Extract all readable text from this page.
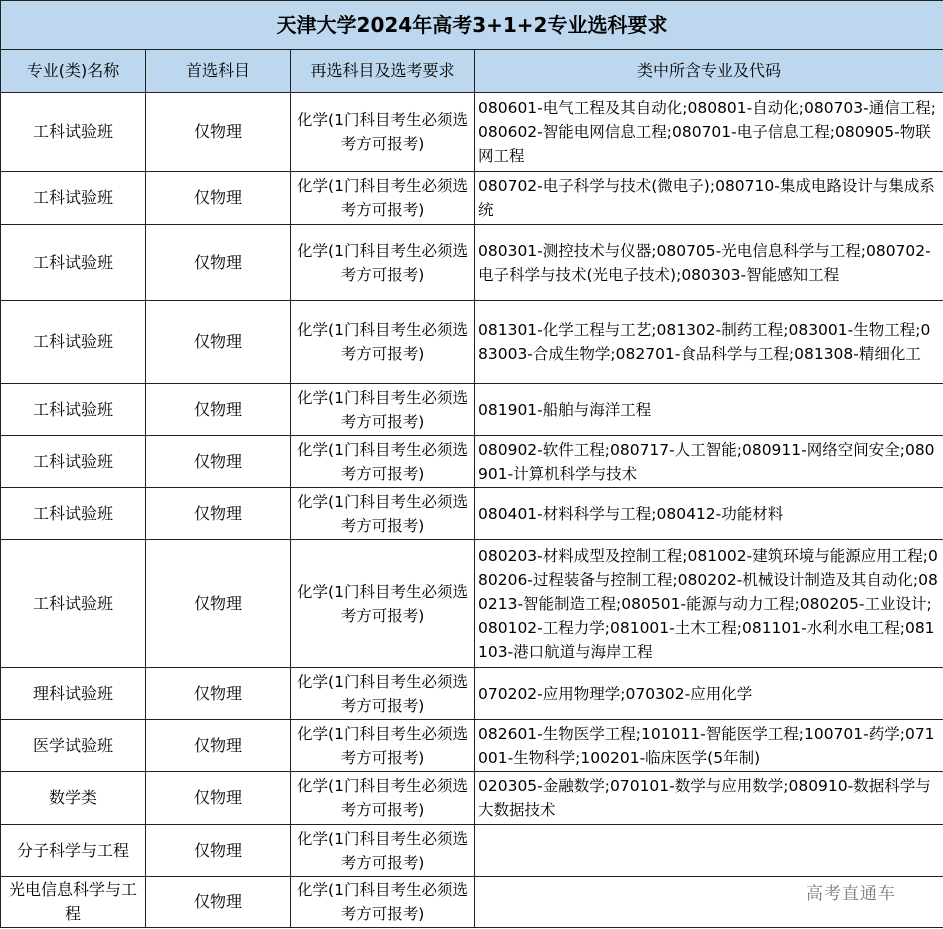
天津大学2024年高考3+1+2专业选科要求			
专业(类)名称	首选科目	再选科目及选考要求	类中所含专业及代码
工科试验班	仅物理	化学(1门科目考生必须选考方可报考)	080601-电气工程及其自动化;080801-自动化;080703-通信工程;080602-智能电网信息工程;080701-电子信息工程;080905-物联网工程
工科试验班	仅物理	化学(1门科目考生必须选考方可报考)	080702-电子科学与技术(微电子);080710-集成电路设计与集成系统
工科试验班	仅物理	化学(1门科目考生必须选考方可报考)	080301-测控技术与仪器;080705-光电信息科学与工程;080702-电子科学与技术(光电子技术);080303-智能感知工程
工科试验班	仅物理	化学(1门科目考生必须选考方可报考)	081301-化学工程与工艺;081302-制药工程;083001-生物工程;083003-合成生物学;082701-食品科学与工程;081308-精细化工
工科试验班	仅物理	化学(1门科目考生必须选考方可报考)	081901-船舶与海洋工程
工科试验班	仅物理	化学(1门科目考生必须选考方可报考)	080902-软件工程;080717-人工智能;080911-网络空间安全;080901-计算机科学与技术
工科试验班	仅物理	化学(1门科目考生必须选考方可报考)	080401-材料科学与工程;080412-功能材料
工科试验班	仅物理	化学(1门科目考生必须选考方可报考)	080203-材料成型及控制工程;081002-建筑环境与能源应用工程;080206-过程装备与控制工程;080202-机械设计制造及其自动化;080213-智能制造工程;080501-能源与动力工程;080205-工业设计;080102-工程力学;081001-土木工程;081101-水利水电工程;081103-港口航道与海岸工程
理科试验班	仅物理	化学(1门科目考生必须选考方可报考)	070202-应用物理学;070302-应用化学
医学试验班	仅物理	化学(1门科目考生必须选考方可报考)	082601-生物医学工程;101011-智能医学工程;100701-药学;071001-生物科学;100201-临床医学(5年制)
数学类	仅物理	化学(1门科目考生必须选考方可报考)	020305-金融数学;070101-数学与应用数学;080910-数据科学与大数据技术
分子科学与工程	仅物理	化学(1门科目考生必须选考方可报考)	
光电信息科学与工程	仅物理	化学(1门科目考生必须选考方可报考)	
高考直通车
